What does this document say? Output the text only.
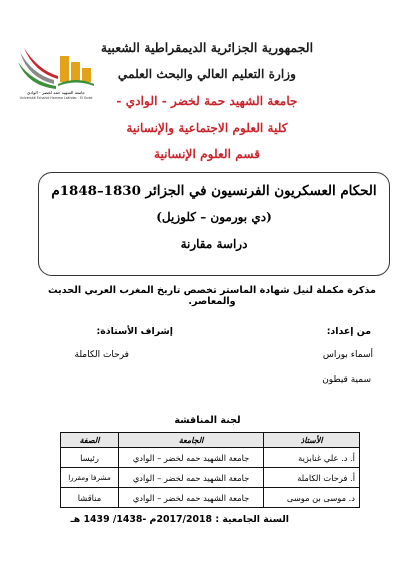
جامعة الشهيد حمه لخضر - الوادي
Université Echahid Hamma Lakhdar - El Oued
الجمهورية الجزائرية الديمقراطية الشعبية
وزارة التعليم العالي والبحث العلمي
جامعة الشهيد حمة لخضر - الوادي -
كلية العلوم الاجتماعية والإنسانية
قسم العلوم الإنسانية
الحكام العسكريون الفرنسيون في الجزائر 1830–1848م
(دي بورمون – كلوزيل)
دراسة مقارنة
مذكرة مكملة لنيل شهادة الماستر تخصص تاريخ المغرب العربي الحديث والمعاصر.
من إعداد:
أسماء بوراس
سمية قيطون
إشراف الأستاذة:
فرحات الكاملة
لجنة المناقشة
الأستاذ	الجامعة	الصفة
أ. د. علي غنابزية	جامعة الشهيد حمه لخضر – الوادي	رئيسا
أ. فرحات الكاملة	جامعة الشهيد حمه لخضر – الوادي	مشرفا ومقررا
د. موسى بن موسى	جامعة الشهيد حمه لخضر – الوادي	مناقشا
السنة الجامعية : 2017/2018م -1438/ 1439 هـ
